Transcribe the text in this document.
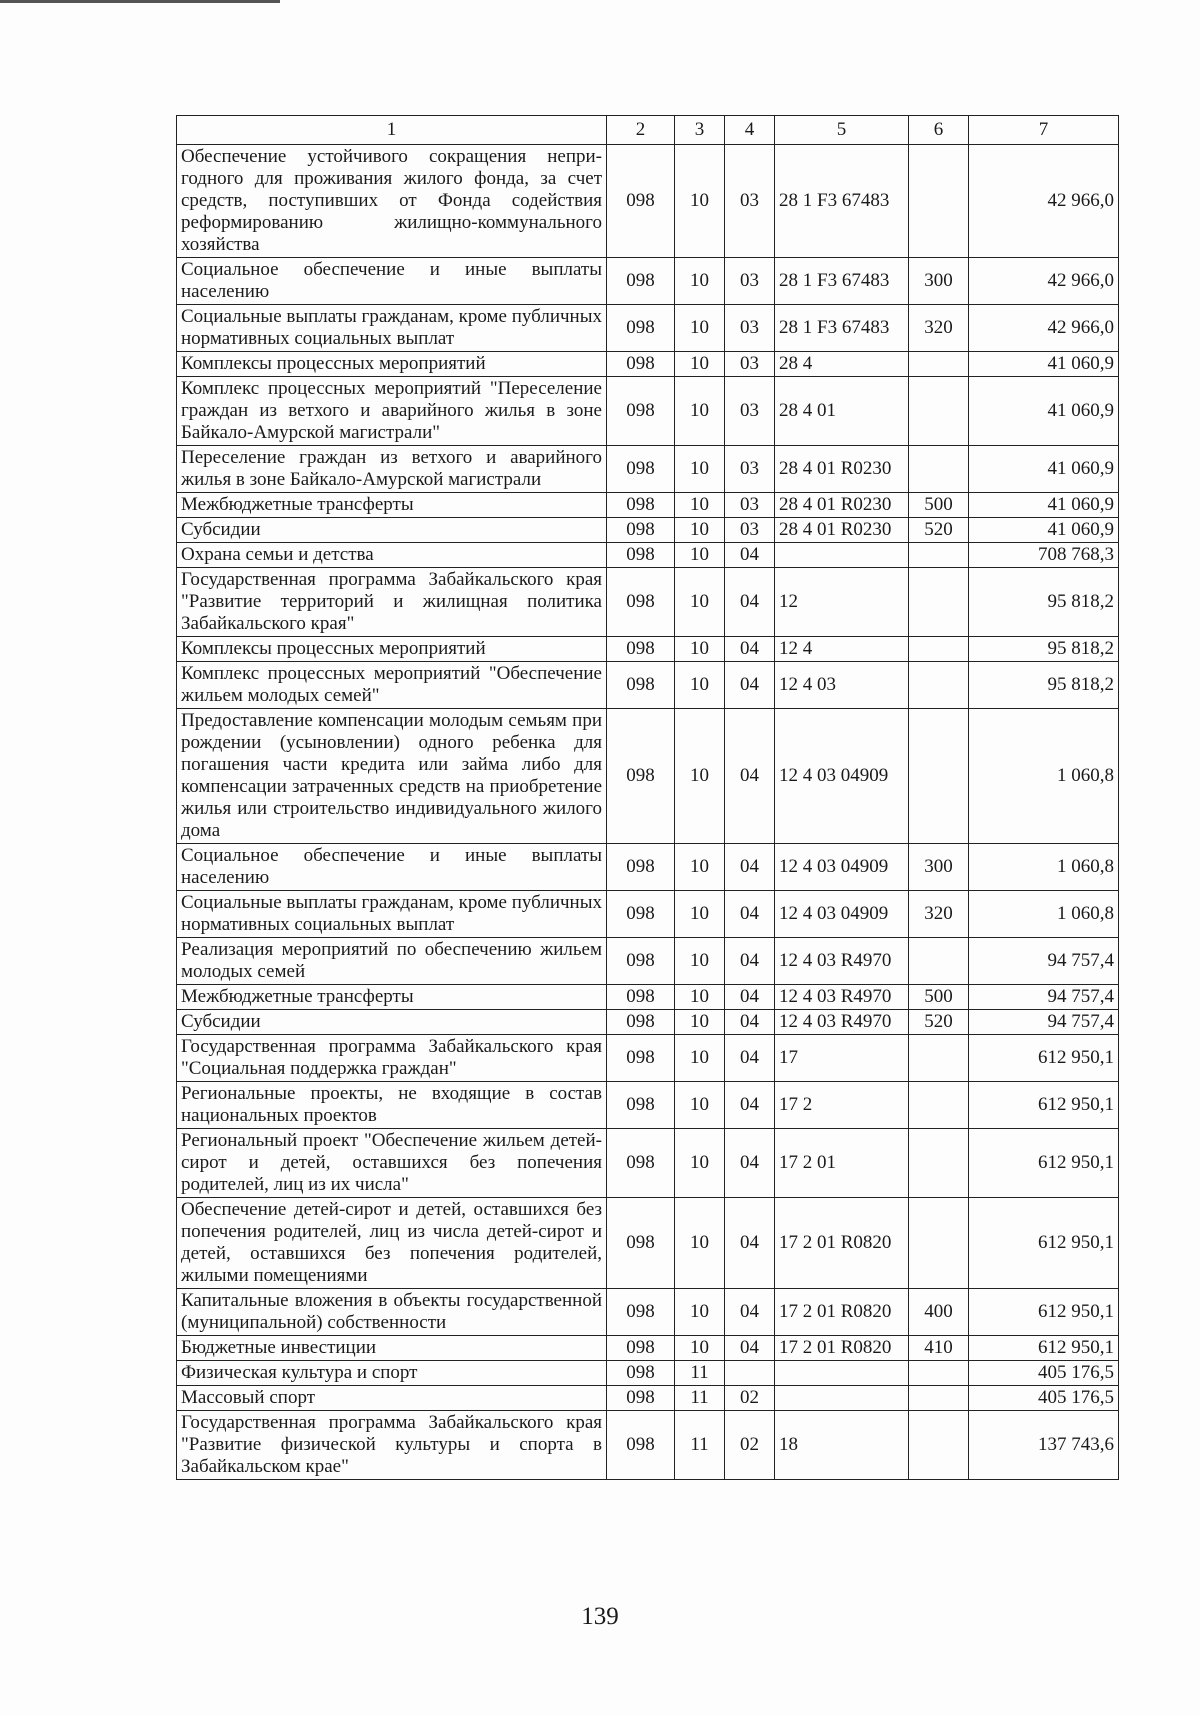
1	2	3	4	5	6	7
Обеспечение устойчивого сокращения непригодного для проживания жилого фонда, за счет средств, поступивших от Фонда содействия реформированию жилищно-коммунального хозяйства	098	10	03	28 1 F3 67483		42 966,0
Социальное обеспечение и иные выплаты населению	098	10	03	28 1 F3 67483	300	42 966,0
Социальные выплаты гражданам, кроме публичных нормативных социальных выплат	098	10	03	28 1 F3 67483	320	42 966,0
Комплексы процессных мероприятий	098	10	03	28 4		41 060,9
Комплекс процессных мероприятий "Переселение граждан из ветхого и аварийного жилья в зоне Байкало-Амурской магистрали"	098	10	03	28 4 01		41 060,9
Переселение граждан из ветхого и аварийного жилья в зоне Байкало-Амурской магистрали	098	10	03	28 4 01 R0230		41 060,9
Межбюджетные трансферты	098	10	03	28 4 01 R0230	500	41 060,9
Субсидии	098	10	03	28 4 01 R0230	520	41 060,9
Охрана семьи и детства	098	10	04			708 768,3
Государственная программа Забайкальского края "Развитие территорий и жилищная политика Забайкальского края"	098	10	04	12		95 818,2
Комплексы процессных мероприятий	098	10	04	12 4		95 818,2
Комплекс процессных мероприятий "Обеспечение жильем молодых семей"	098	10	04	12 4 03		95 818,2
Предоставление компенсации молодым семьям при рождении (усыновлении) одного ребенка для погашения части кредита или займа либо для компенсации затраченных средств на приобретение жилья или строительство индивидуального жилого дома	098	10	04	12 4 03 04909		1 060,8
Социальное обеспечение и иные выплаты населению	098	10	04	12 4 03 04909	300	1 060,8
Социальные выплаты гражданам, кроме публичных нормативных социальных выплат	098	10	04	12 4 03 04909	320	1 060,8
Реализация мероприятий по обеспечению жильем молодых семей	098	10	04	12 4 03 R4970		94 757,4
Межбюджетные трансферты	098	10	04	12 4 03 R4970	500	94 757,4
Субсидии	098	10	04	12 4 03 R4970	520	94 757,4
Государственная программа Забайкальского края "Социальная поддержка граждан"	098	10	04	17		612 950,1
Региональные проекты, не входящие в состав национальных проектов	098	10	04	17 2		612 950,1
Региональный проект "Обеспечение жильем детей-сирот и детей, оставшихся без попечения родителей, лиц из их числа"	098	10	04	17 2 01		612 950,1
Обеспечение детей-сирот и детей, оставшихся без попечения родителей, лиц из числа детей-сирот и детей, оставшихся без попечения родителей, жилыми помещениями	098	10	04	17 2 01 R0820		612 950,1
Капитальные вложения в объекты государственной (муниципальной) собственности	098	10	04	17 2 01 R0820	400	612 950,1
Бюджетные инвестиции	098	10	04	17 2 01 R0820	410	612 950,1
Физическая культура и спорт	098	11				405 176,5
Массовый спорт	098	11	02			405 176,5
Государственная программа Забайкальского края "Развитие физической культуры и спорта в Забайкальском крае"	098	11	02	18		137 743,6
139
